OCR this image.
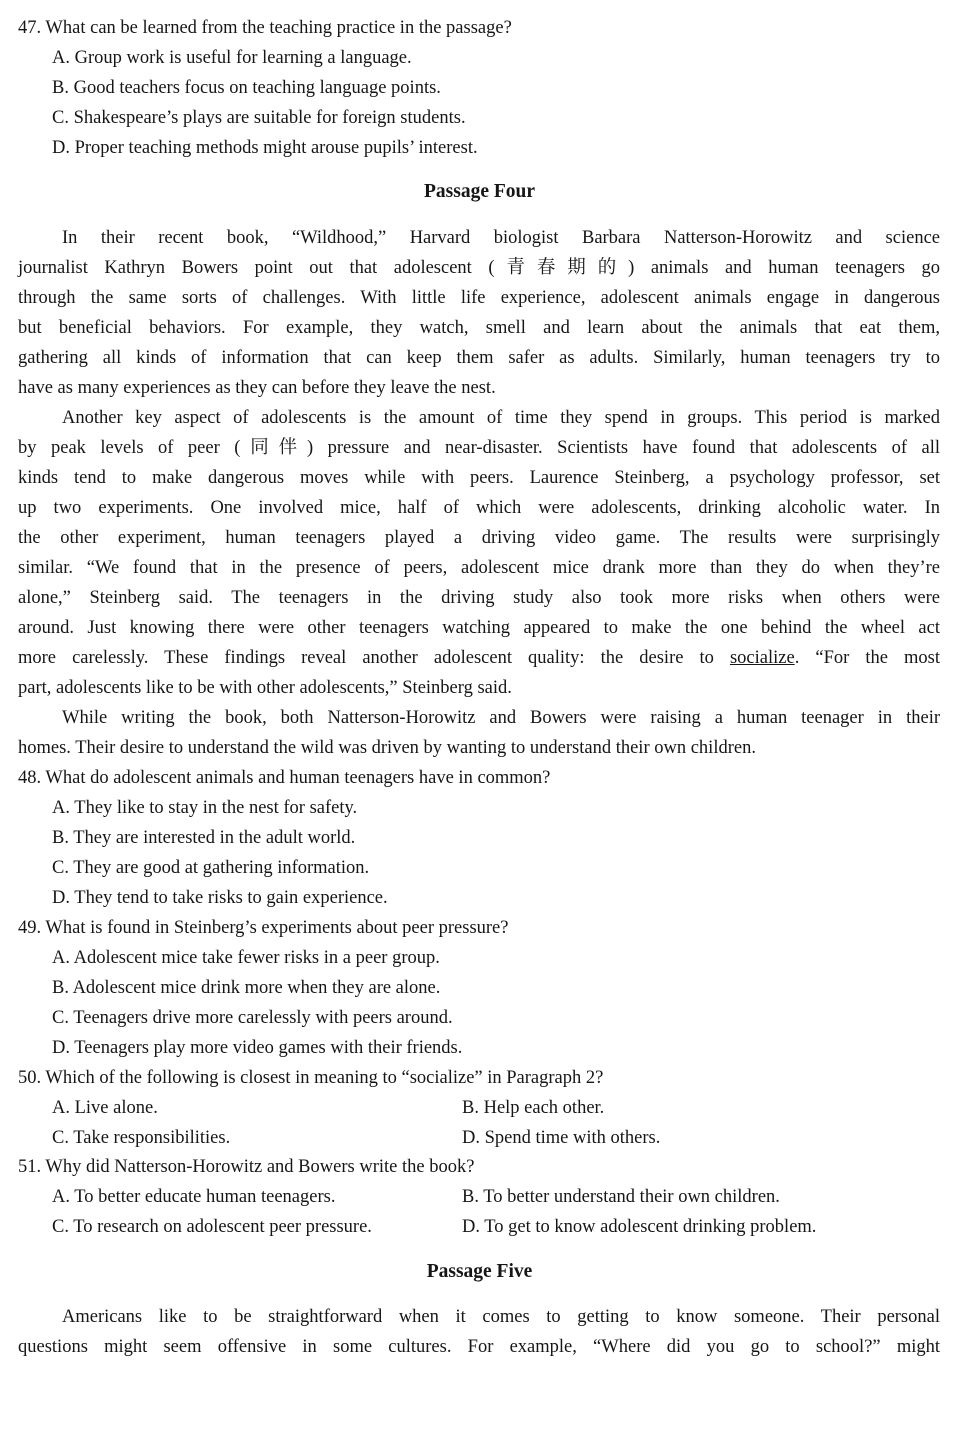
47. What can be learned from the teaching practice in the passage?
A. Group work is useful for learning a language.
B. Good teachers focus on teaching language points.
C. Shakespeare’s plays are suitable for foreign students.
D. Proper teaching methods might arouse pupils’ interest.
Passage Four
In their recent book, “Wildhood,” Harvard biologist Barbara Natterson-Horowitz and science
journalist Kathryn Bowers point out that adolescent (青春期的) animals and human teenagers go
through the same sorts of challenges. With little life experience, adolescent animals engage in dangerous
but beneficial behaviors. For example, they watch, smell and learn about the animals that eat them,
gathering all kinds of information that can keep them safer as adults. Similarly, human teenagers try to
have as many experiences as they can before they leave the nest.
Another key aspect of adolescents is the amount of time they spend in groups. This period is marked
by peak levels of peer (同伴) pressure and near-disaster. Scientists have found that adolescents of all
kinds tend to make dangerous moves while with peers. Laurence Steinberg, a psychology professor, set
up two experiments. One involved mice, half of which were adolescents, drinking alcoholic water. In
the other experiment, human teenagers played a driving video game. The results were surprisingly
similar. “We found that in the presence of peers, adolescent mice drank more than they do when they’re
alone,” Steinberg said. The teenagers in the driving study also took more risks when others were
around. Just knowing there were other teenagers watching appeared to make the one behind the wheel act
more carelessly. These findings reveal another adolescent quality: the desire to socialize. “For the most
part, adolescents like to be with other adolescents,” Steinberg said.
While writing the book, both Natterson-Horowitz and Bowers were raising a human teenager in their
homes. Their desire to understand the wild was driven by wanting to understand their own children.
48. What do adolescent animals and human teenagers have in common?
A. They like to stay in the nest for safety.
B. They are interested in the adult world.
C. They are good at gathering information.
D. They tend to take risks to gain experience.
49. What is found in Steinberg’s experiments about peer pressure?
A. Adolescent mice take fewer risks in a peer group.
B. Adolescent mice drink more when they are alone.
C. Teenagers drive more carelessly with peers around.
D. Teenagers play more video games with their friends.
50. Which of the following is closest in meaning to “socialize” in Paragraph 2?
A. Live alone.	B. Help each other.
C. Take responsibilities.	D. Spend time with others.
51. Why did Natterson-Horowitz and Bowers write the book?
A. To better educate human teenagers.	B. To better understand their own children.
C. To research on adolescent peer pressure.	D. To get to know adolescent drinking problem.
Passage Five
Americans like to be straightforward when it comes to getting to know someone. Their personal
questions might seem offensive in some cultures. For example, “Where did you go to school?” might
